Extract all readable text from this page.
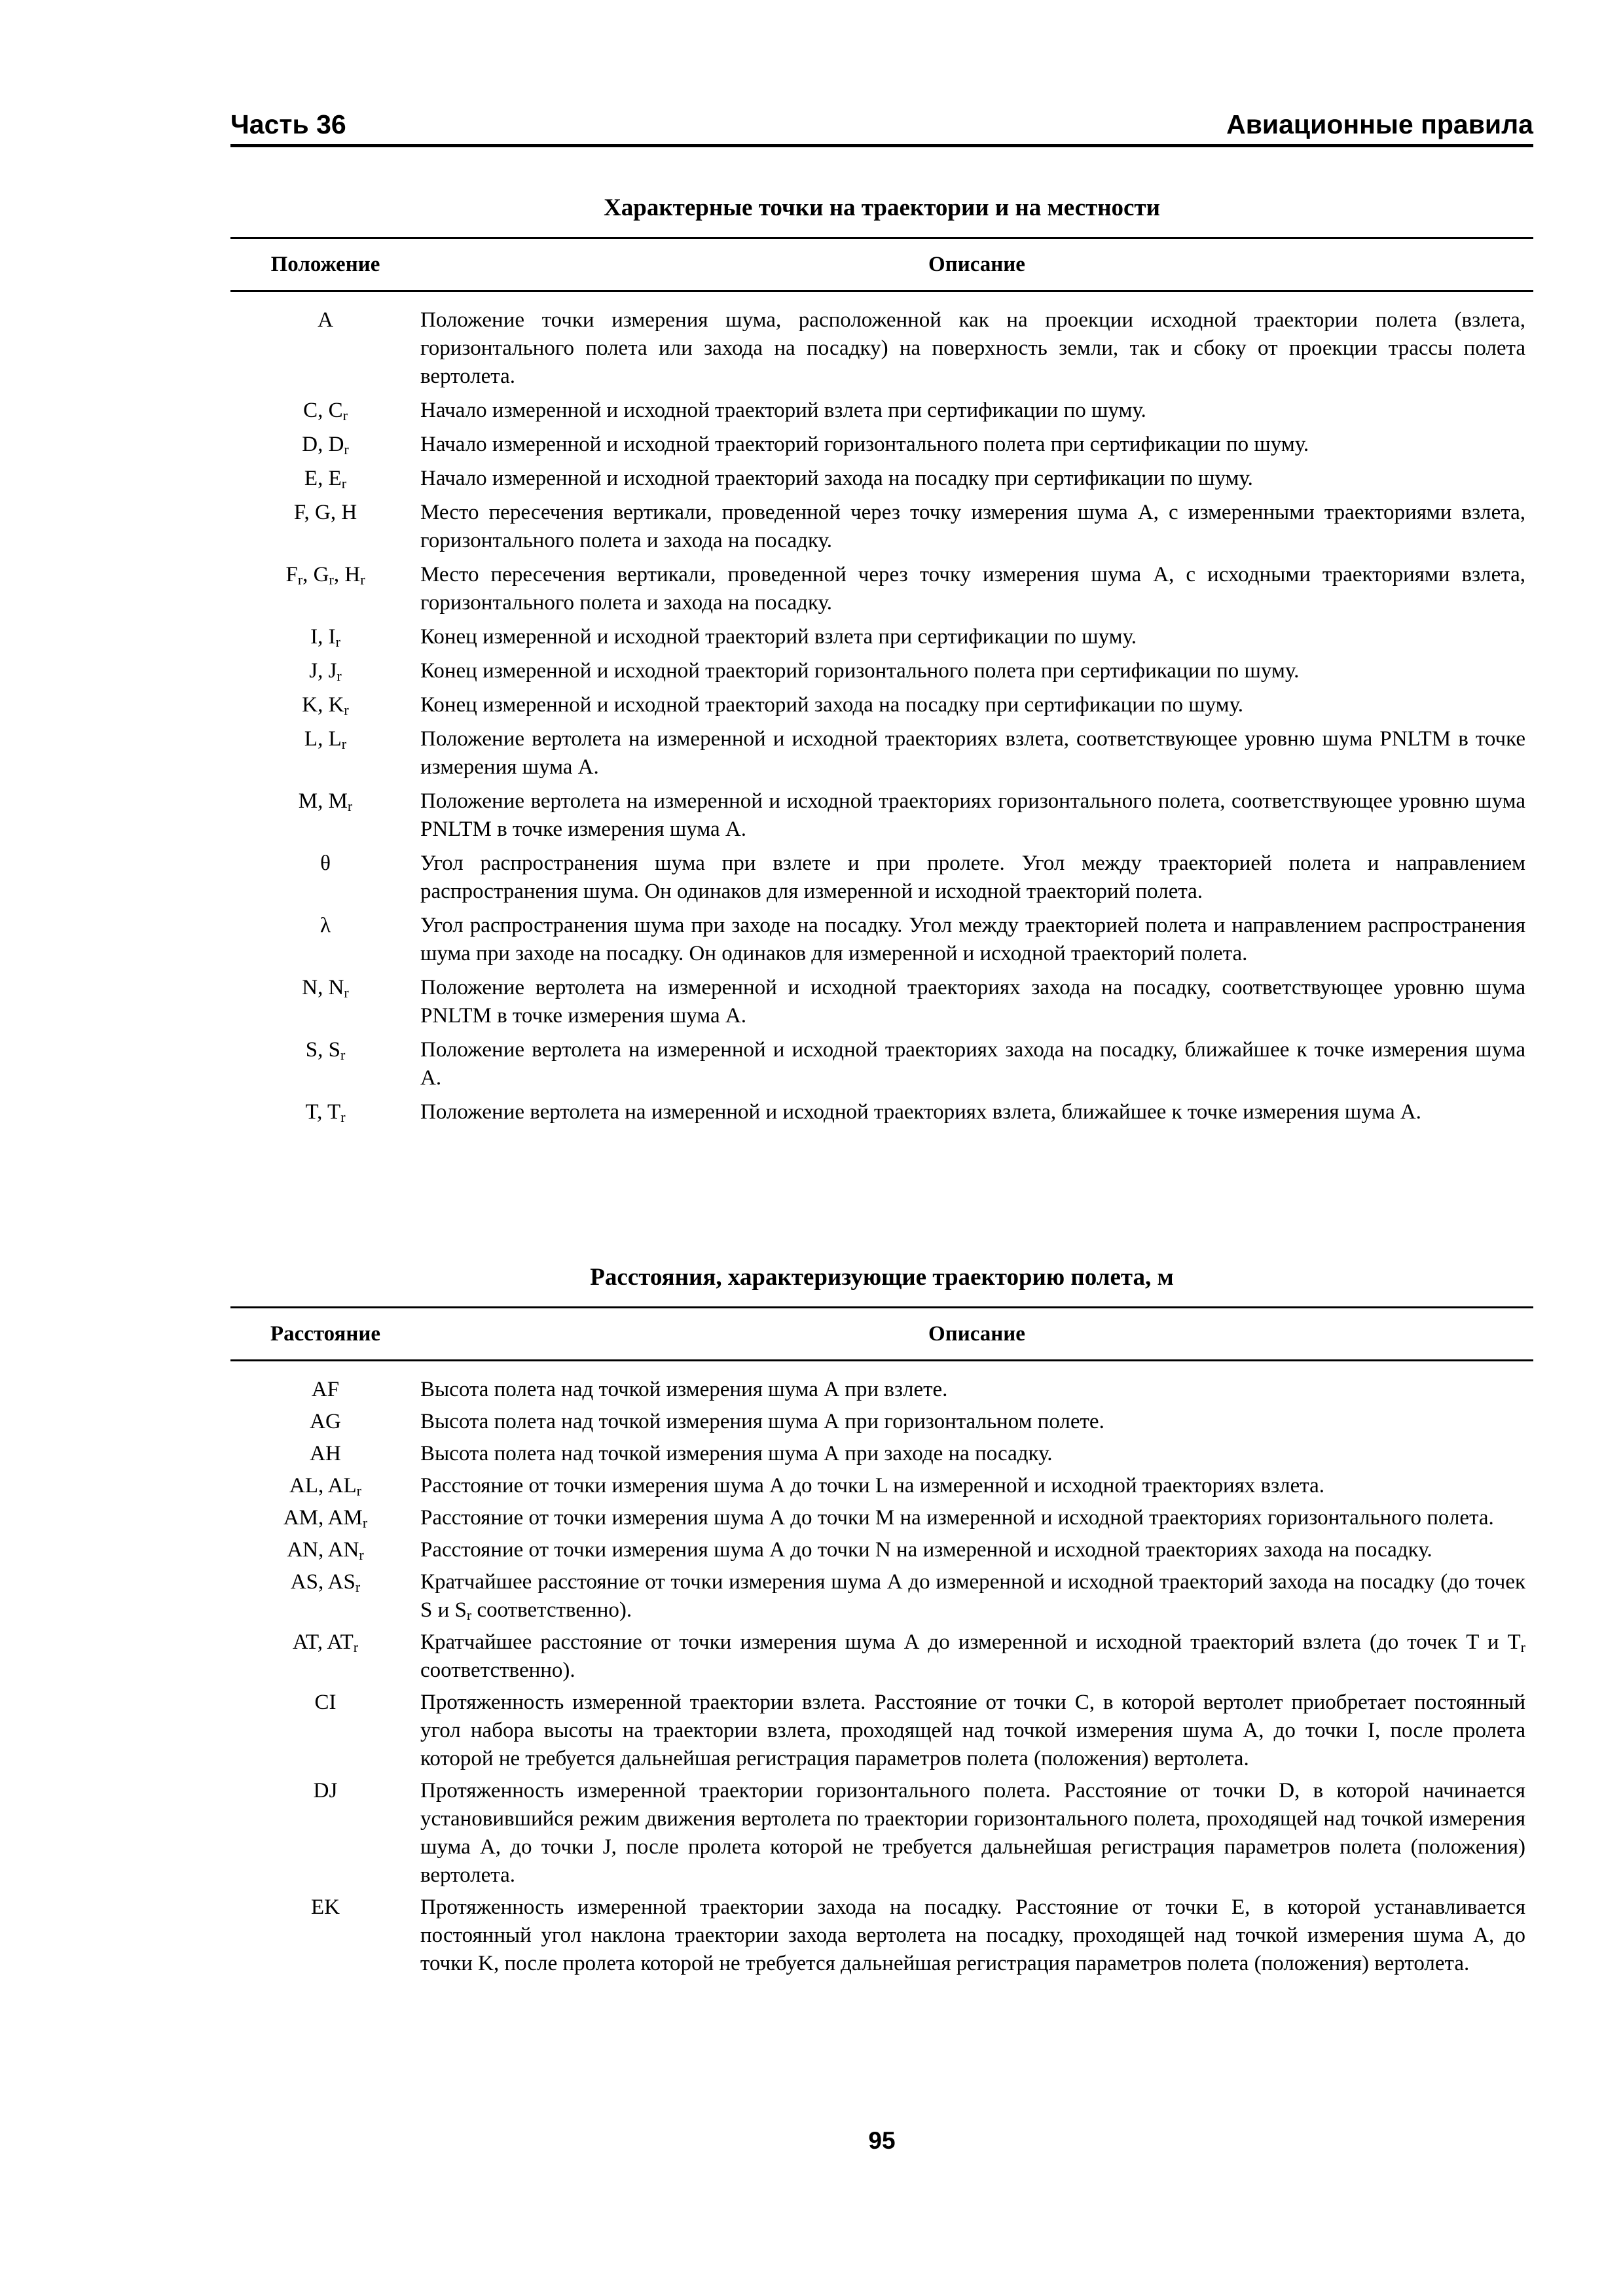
Часть 36	Авиационные правила
Характерные точки на траектории и на местности
Положение	Описание
A	Положение точки измерения шума, расположенной как на проекции исходной траектории полета (взлета, горизонтального полета или захода на посадку) на поверхность земли, так и сбоку от проекции трассы полета вертолета.
C, $C_r$	Начало измеренной и исходной траекторий взлета при сертификации по шуму.
D, $D_r$	Начало измеренной и исходной траекторий горизонтального полета при сертификации по шуму.
E, $E_r$	Начало измеренной и исходной траекторий захода на посадку при сертификации по шуму.
F, G, H	Место пересечения вертикали, проведенной через точку измерения шума А, с измеренными траекториями взлета, горизонтального полета и захода на посадку.
$F_r$, $G_r$, $H_r$	Место пересечения вертикали, проведенной через точку измерения шума А, с исходными траекториями взлета, горизонтального полета и захода на посадку.
I, $I_r$	Конец измеренной и исходной траекторий взлета при сертификации по шуму.
J, $J_r$	Конец измеренной и исходной траекторий горизонтального полета при сертификации по шуму.
K, $K_r$	Конец измеренной и исходной траекторий захода на посадку при сертификации по шуму.
L, $L_r$	Положение вертолета на измеренной и исходной траекториях взлета, соответствующее уровню шума PNLTM в точке измерения шума А.
M, $M_r$	Положение вертолета на измеренной и исходной траекториях горизонтального полета, соответствующее уровню шума PNLTM в точке измерения шума А.
θ	Угол распространения шума при взлете и при пролете. Угол между траекторией полета и направлением распространения шума. Он одинаков для измеренной и исходной траекторий полета.
λ	Угол распространения шума при заходе на посадку. Угол между траекторией полета и направлением распространения шума при заходе на посадку. Он одинаков для измеренной и исходной траекторий полета.
N, $N_r$	Положение вертолета на измеренной и исходной траекториях захода на посадку, соответствующее уровню шума PNLTM в точке измерения шума А.
S, $S_r$	Положение вертолета на измеренной и исходной траекториях захода на посадку, ближайшее к точке измерения шума А.
T, $T_r$	Положение вертолета на измеренной и исходной траекториях взлета, ближайшее к точке измерения шума А.
Расстояния, характеризующие траекторию полета, м
Расстояние	Описание
AF	Высота полета над точкой измерения шума А при взлете.
AG	Высота полета над точкой измерения шума А при горизонтальном полете.
AH	Высота полета над точкой измерения шума А при заходе на посадку.
AL, $AL_r$	Расстояние от точки измерения шума А до точки L на измеренной и исходной траекториях взлета.
AM, $AM_r$	Расстояние от точки измерения шума А до точки M на измеренной и исходной траекториях горизонтального полета.
AN, $AN_r$	Расстояние от точки измерения шума А до точки N на измеренной и исходной траекториях захода на посадку.
AS, $AS_r$	Кратчайшее расстояние от точки измерения шума А до измеренной и исходной траекторий захода на посадку (до точек S и $S_r$ соответственно).
AT, $AT_r$	Кратчайшее расстояние от точки измерения шума А до измеренной и исходной траекторий взлета (до точек T и $T_r$ соответственно).
CI	Протяженность измеренной траектории взлета. Расстояние от точки C, в которой вертолет приобретает постоянный угол набора высоты на траектории взлета, проходящей над точкой измерения шума А, до точки I, после пролета которой не требуется дальнейшая регистрация параметров полета (положения) вертолета.
DJ	Протяженность измеренной траектории горизонтального полета. Расстояние от точки D, в которой начинается установившийся режим движения вертолета по траектории горизонтального полета, проходящей над точкой измерения шума А, до точки J, после пролета которой не требуется дальнейшая регистрация параметров полета (положения) вертолета.
EK	Протяженность измеренной траектории захода на посадку. Расстояние от точки E, в которой устанавливается постоянный угол наклона траектории захода вертолета на посадку, проходящей над точкой измерения шума А, до точки K, после пролета которой не требуется дальнейшая регистрация параметров полета (положения) вертолета.
95
